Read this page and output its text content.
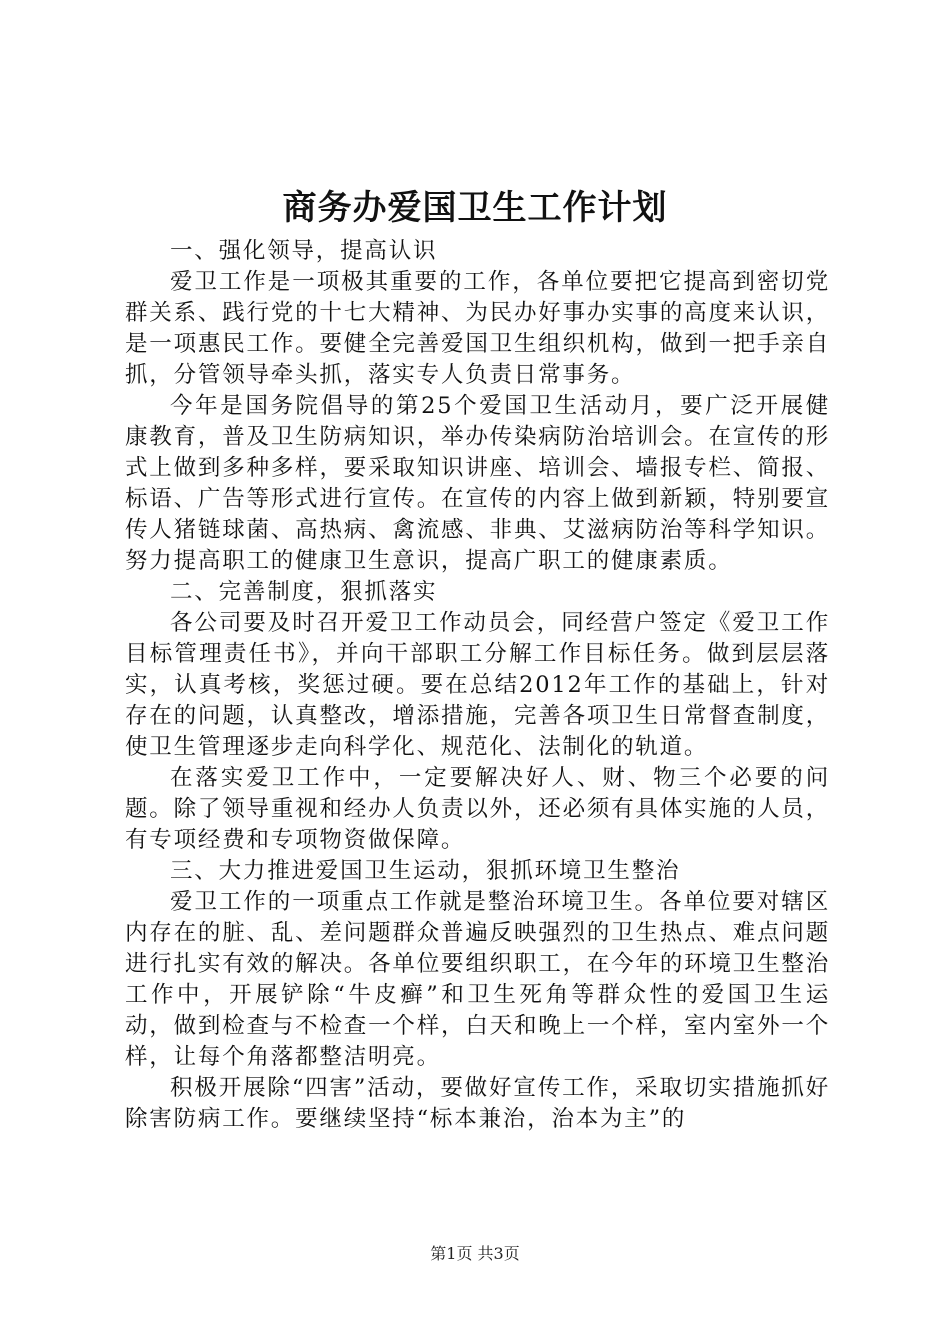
商务办爱国卫生工作计划

一、强化领导，提高认识

爱卫工作是一项极其重要的工作，各单位要把它提高到密切党群关系、践行党的十七大精神、为民办好事办实事的高度来认识，是一项惠民工作。要健全完善爱国卫生组织机构，做到一把手亲自抓，分管领导牵头抓，落实专人负责日常事务。

今年是国务院倡导的第25个爱国卫生活动月，要广泛开展健康教育，普及卫生防病知识，举办传染病防治培训会。在宣传的形式上做到多种多样，要采取知识讲座、培训会、墙报专栏、简报、标语、广告等形式进行宣传。在宣传的内容上做到新颖，特别要宣传人猪链球菌、高热病、禽流感、非典、艾滋病防治等科学知识。努力提高职工的健康卫生意识，提高广职工的健康素质。

二、完善制度，狠抓落实

各公司要及时召开爱卫工作动员会，同经营户签定《爱卫工作目标管理责任书》，并向干部职工分解工作目标任务。做到层层落实，认真考核，奖惩过硬。要在总结2012年工作的基础上，针对存在的问题，认真整改，增添措施，完善各项卫生日常督查制度，使卫生管理逐步走向科学化、规范化、法制化的轨道。

在落实爱卫工作中，一定要解决好人、财、物三个必要的问题。除了领导重视和经办人负责以外，还必须有具体实施的人员，有专项经费和专项物资做保障。

三、大力推进爱国卫生运动，狠抓环境卫生整治

爱卫工作的一项重点工作就是整治环境卫生。各单位要对辖区内存在的脏、乱、差问题群众普遍反映强烈的卫生热点、难点问题进行扎实有效的解决。各单位要组织职工，在今年的环境卫生整治工作中，开展铲除“牛皮癣”和卫生死角等群众性的爱国卫生运动，做到检查与不检查一个样，白天和晚上一个样，室内室外一个样，让每个角落都整洁明亮。

积极开展除“四害”活动，要做好宣传工作，采取切实措施抓好除害防病工作。要继续坚持“标本兼治，治本为主”的

第1页 共3页
